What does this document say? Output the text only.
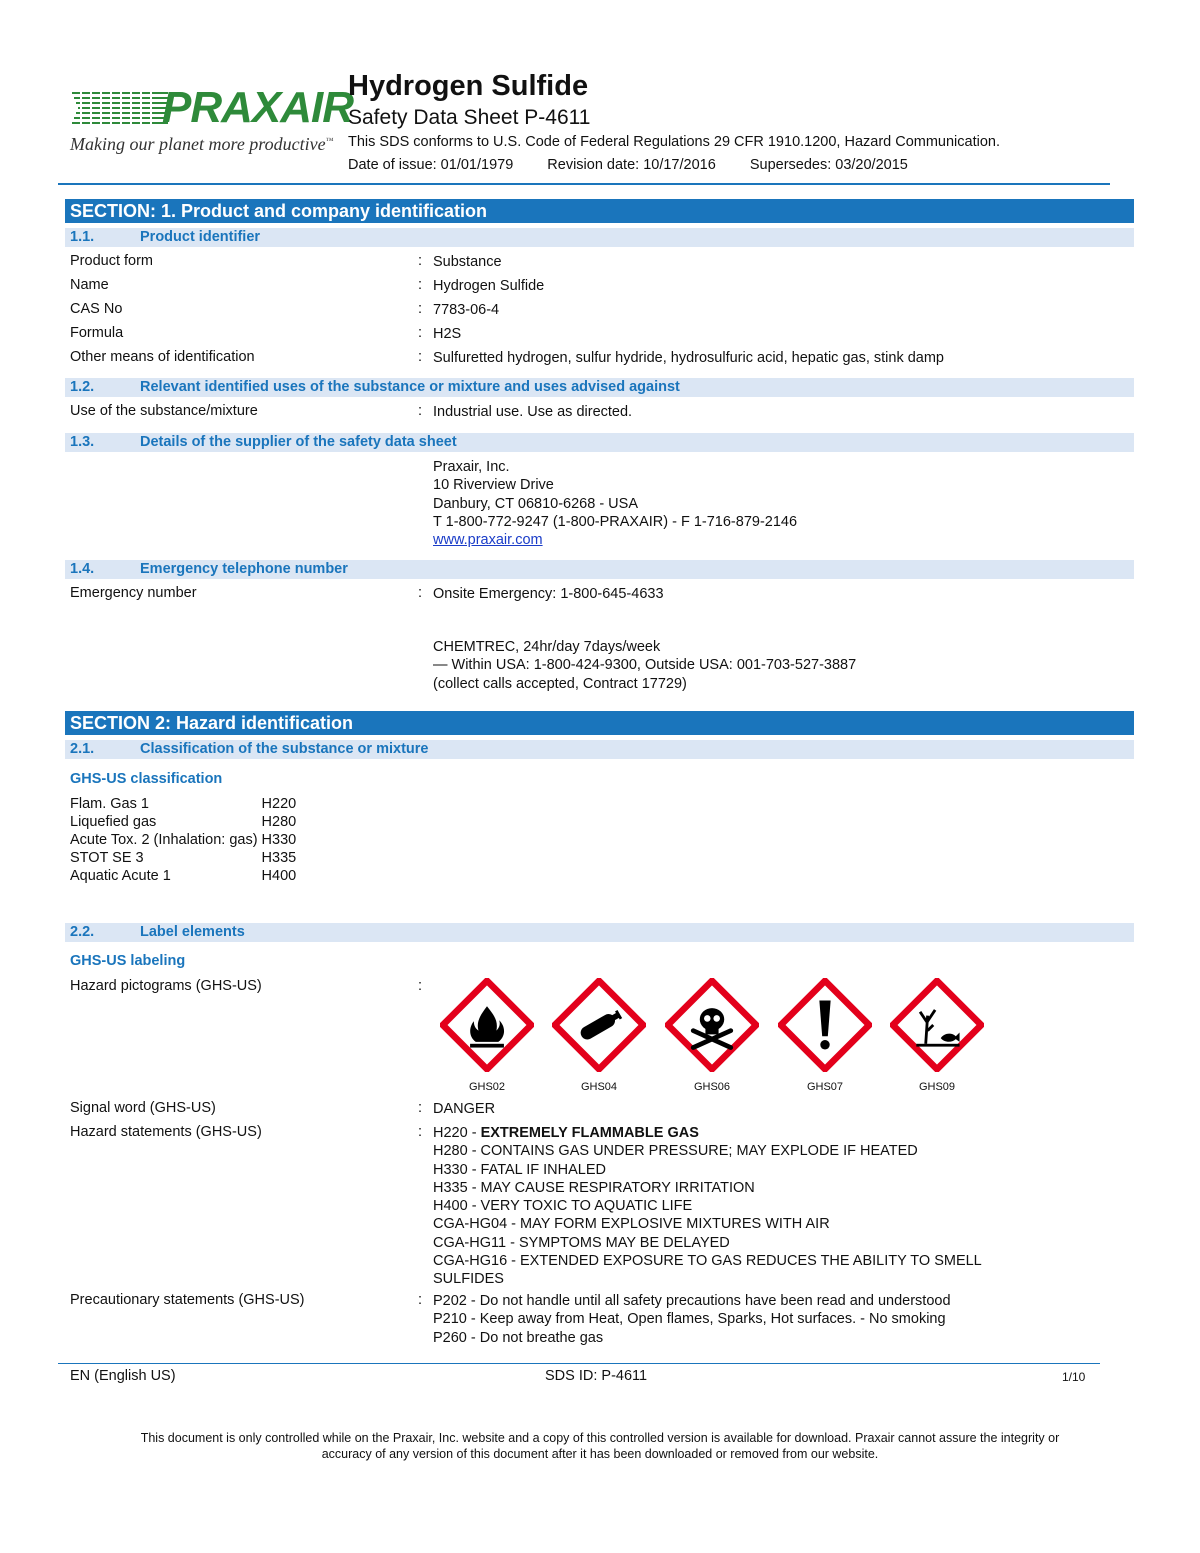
PRAXAIR
Making our planet more productive™
Hydrogen Sulfide
Safety Data Sheet P-4611
This SDS conforms to U.S. Code of Federal Regulations 29 CFR 1910.1200, Hazard Communication.
Date of issue: 01/01/1979 Revision date: 10/17/2016 Supersedes: 03/20/2015
SECTION: 1. Product and company identification
1.1.	Product identifier
Product form	: Substance
Name	: Hydrogen Sulfide
CAS No	: 7783-06-4
Formula	: H2S
Other means of identification	: Sulfuretted hydrogen, sulfur hydride, hydrosulfuric acid, hepatic gas, stink damp
1.2.	Relevant identified uses of the substance or mixture and uses advised against
Use of the substance/mixture	: Industrial use. Use as directed.
1.3.	Details of the supplier of the safety data sheet
Praxair, Inc.
10 Riverview Drive
Danbury, CT 06810-6268 - USA
T 1-800-772-9247 (1-800-PRAXAIR) - F 1-716-879-2146
www.praxair.com
1.4.	Emergency telephone number
Emergency number	: Onsite Emergency: 1-800-645-4633
CHEMTREC, 24hr/day 7days/week
— Within USA: 1-800-424-9300, Outside USA: 001-703-527-3887
(collect calls accepted, Contract 17729)
SECTION 2: Hazard identification
2.1.	Classification of the substance or mixture
GHS-US classification
Flam. Gas 1	H220
Liquefied gas	H280
Acute Tox. 2 (Inhalation: gas)	H330
STOT SE 3	H335
Aquatic Acute 1	H400
2.2.	Label elements
GHS-US labeling
Hazard pictograms (GHS-US)	:
GHS02	GHS04	GHS06	GHS07	GHS09
Signal word (GHS-US)	: DANGER
Hazard statements (GHS-US)	: H220 - EXTREMELY FLAMMABLE GAS
H280 - CONTAINS GAS UNDER PRESSURE; MAY EXPLODE IF HEATED
H330 - FATAL IF INHALED
H335 - MAY CAUSE RESPIRATORY IRRITATION
H400 - VERY TOXIC TO AQUATIC LIFE
CGA-HG04 - MAY FORM EXPLOSIVE MIXTURES WITH AIR
CGA-HG11 - SYMPTOMS MAY BE DELAYED
CGA-HG16 - EXTENDED EXPOSURE TO GAS REDUCES THE ABILITY TO SMELL
SULFIDES
Precautionary statements (GHS-US)	: P202 - Do not handle until all safety precautions have been read and understood
P210 - Keep away from Heat, Open flames, Sparks, Hot surfaces. - No smoking
P260 - Do not breathe gas
EN (English US)	SDS ID: P-4611	1/10
This document is only controlled while on the Praxair, Inc. website and a copy of this controlled version is available for download. Praxair cannot assure the integrity or
accuracy of any version of this document after it has been downloaded or removed from our website.
